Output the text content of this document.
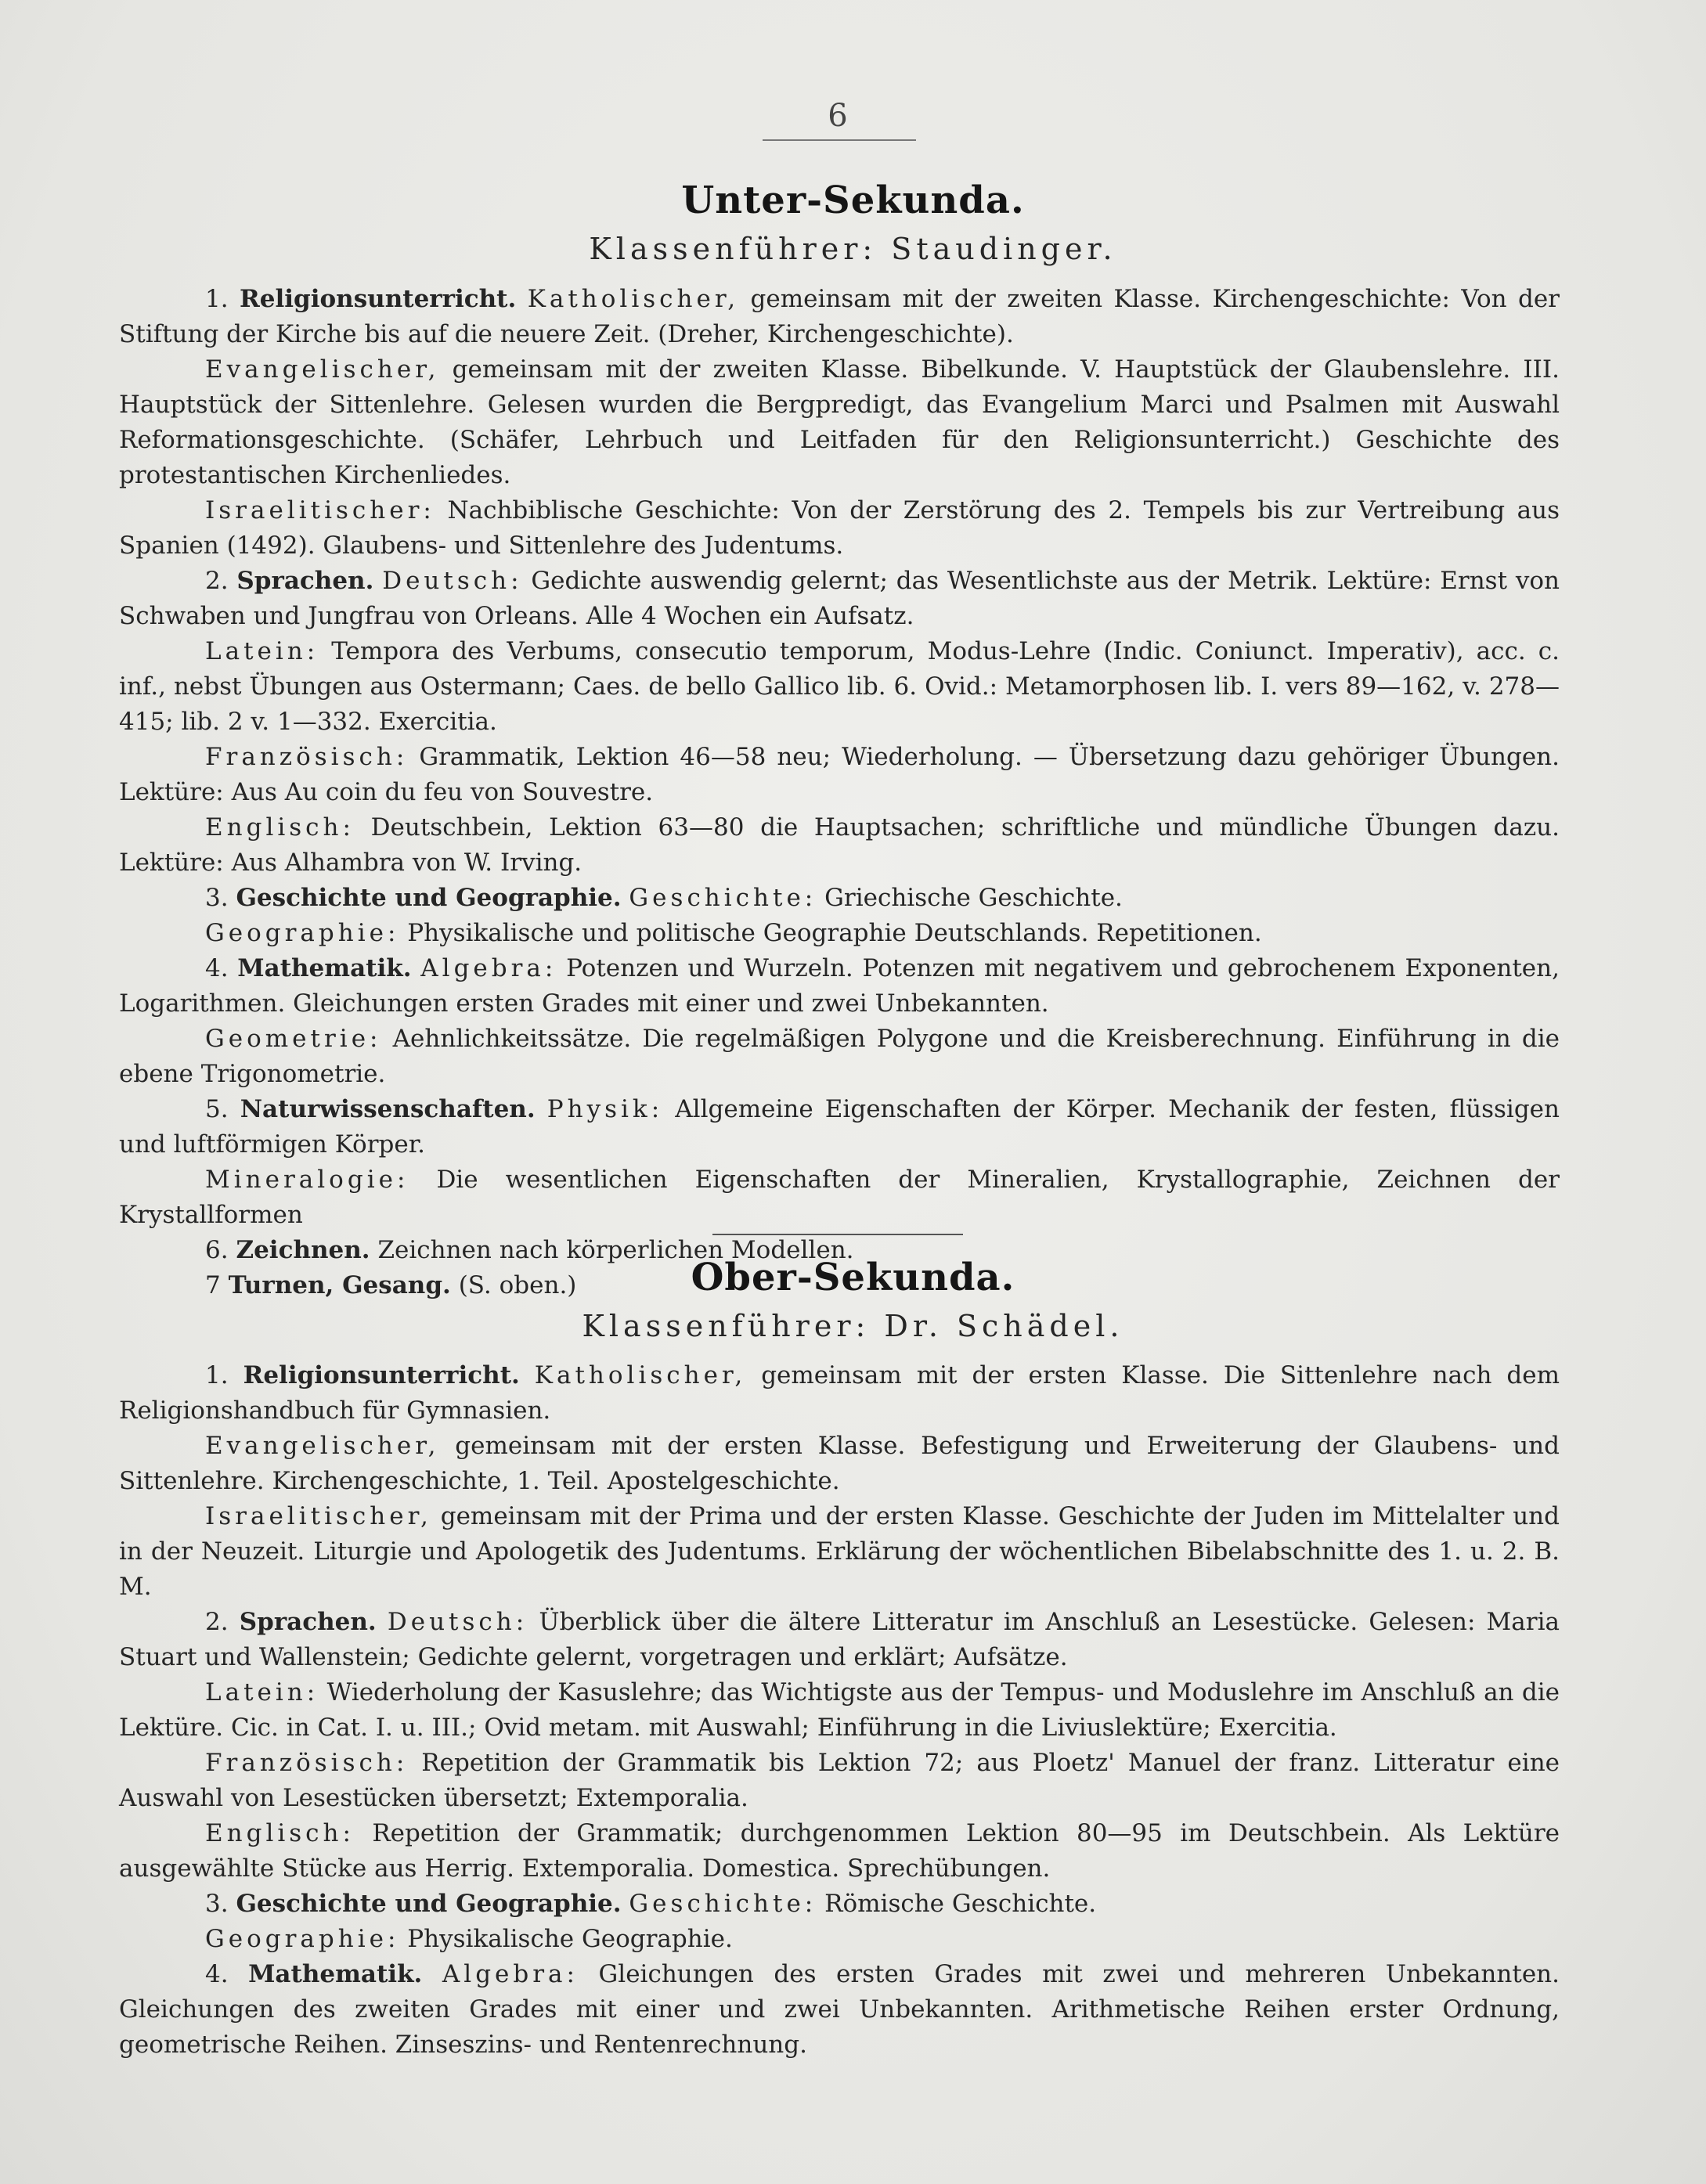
6
Unter-Sekunda.
Klassenführer: Staudinger.

1. Religionsunterricht. Katholischer, gemeinsam mit der zweiten Klasse. Kirchengeschichte: Von der Stiftung der Kirche bis auf die neuere Zeit. (Dreher, Kirchengeschichte).

Evangelischer, gemeinsam mit der zweiten Klasse. Bibelkunde. V. Hauptstück der Glaubenslehre. III. Hauptstück der Sittenlehre. Gelesen wurden die Bergpredigt, das Evangelium Marci und Psalmen mit Auswahl Reformationsgeschichte. (Schäfer, Lehrbuch und Leitfaden für den Religionsunterricht.) Geschichte des protestantischen Kirchenliedes.

Israelitischer: Nachbiblische Geschichte: Von der Zerstörung des 2. Tempels bis zur Vertreibung aus Spanien (1492). Glaubens- und Sittenlehre des Judentums.

2. Sprachen. Deutsch: Gedichte auswendig gelernt; das Wesentlichste aus der Metrik. Lektüre: Ernst von Schwaben und Jungfrau von Orleans. Alle 4 Wochen ein Aufsatz.

Latein: Tempora des Verbums, consecutio temporum, Modus-Lehre (Indic. Coniunct. Imperativ), acc. c. inf., nebst Übungen aus Ostermann; Caes. de bello Gallico lib. 6. Ovid.: Metamorphosen lib. I. vers 89—162, v. 278—415; lib. 2 v. 1—332. Exercitia.

Französisch: Grammatik, Lektion 46—58 neu; Wiederholung. — Übersetzung dazu gehöriger Übungen. Lektüre: Aus Au coin du feu von Souvestre.

Englisch: Deutschbein, Lektion 63—80 die Hauptsachen; schriftliche und mündliche Übungen dazu. Lektüre: Aus Alhambra von W. Irving.

3. Geschichte und Geographie. Geschichte: Griechische Geschichte.

Geographie: Physikalische und politische Geographie Deutschlands. Repetitionen.

4. Mathematik. Algebra: Potenzen und Wurzeln. Potenzen mit negativem und gebrochenem Exponenten, Logarithmen. Gleichungen ersten Grades mit einer und zwei Unbekannten.

Geometrie: Aehnlichkeitssätze. Die regelmäßigen Polygone und die Kreisberechnung. Einführung in die ebene Trigonometrie.

5. Naturwissenschaften. Physik: Allgemeine Eigenschaften der Körper. Mechanik der festen, flüssigen und luftförmigen Körper.

Mineralogie: Die wesentlichen Eigenschaften der Mineralien, Krystallographie, Zeichnen der Krystallformen

6. Zeichnen. Zeichnen nach körperlichen Modellen.

7 Turnen, Gesang. (S. oben.)	Ober-Sekunda.
Klassenführer: Dr. Schädel.

1. Religionsunterricht. Katholischer, gemeinsam mit der ersten Klasse. Die Sittenlehre nach dem Religionshandbuch für Gymnasien.

Evangelischer, gemeinsam mit der ersten Klasse. Befestigung und Erweiterung der Glaubens- und Sittenlehre. Kirchengeschichte, 1. Teil. Apostelgeschichte.

Israelitischer, gemeinsam mit der Prima und der ersten Klasse. Geschichte der Juden im Mittelalter und in der Neuzeit. Liturgie und Apologetik des Judentums. Erklärung der wöchentlichen Bibelabschnitte des 1. u. 2. B. M.

2. Sprachen. Deutsch: Überblick über die ältere Litteratur im Anschluß an Lesestücke. Gelesen: Maria Stuart und Wallenstein; Gedichte gelernt, vorgetragen und erklärt; Aufsätze.

Latein: Wiederholung der Kasuslehre; das Wichtigste aus der Tempus- und Moduslehre im Anschluß an die Lektüre. Cic. in Cat. I. u. III.; Ovid metam. mit Auswahl; Einführung in die Liviuslektüre; Exercitia.

Französisch: Repetition der Grammatik bis Lektion 72; aus Ploetz' Manuel der franz. Litteratur eine Auswahl von Lesestücken übersetzt; Extemporalia.

Englisch: Repetition der Grammatik; durchgenommen Lektion 80—95 im Deutschbein. Als Lektüre ausgewählte Stücke aus Herrig. Extemporalia. Domestica. Sprechübungen.

3. Geschichte und Geographie. Geschichte: Römische Geschichte.

Geographie: Physikalische Geographie.

4. Mathematik. Algebra: Gleichungen des ersten Grades mit zwei und mehreren Unbekannten. Gleichungen des zweiten Grades mit einer und zwei Unbekannten. Arithmetische Reihen erster Ordnung, geometrische Reihen. Zinseszins- und Rentenrechnung.
